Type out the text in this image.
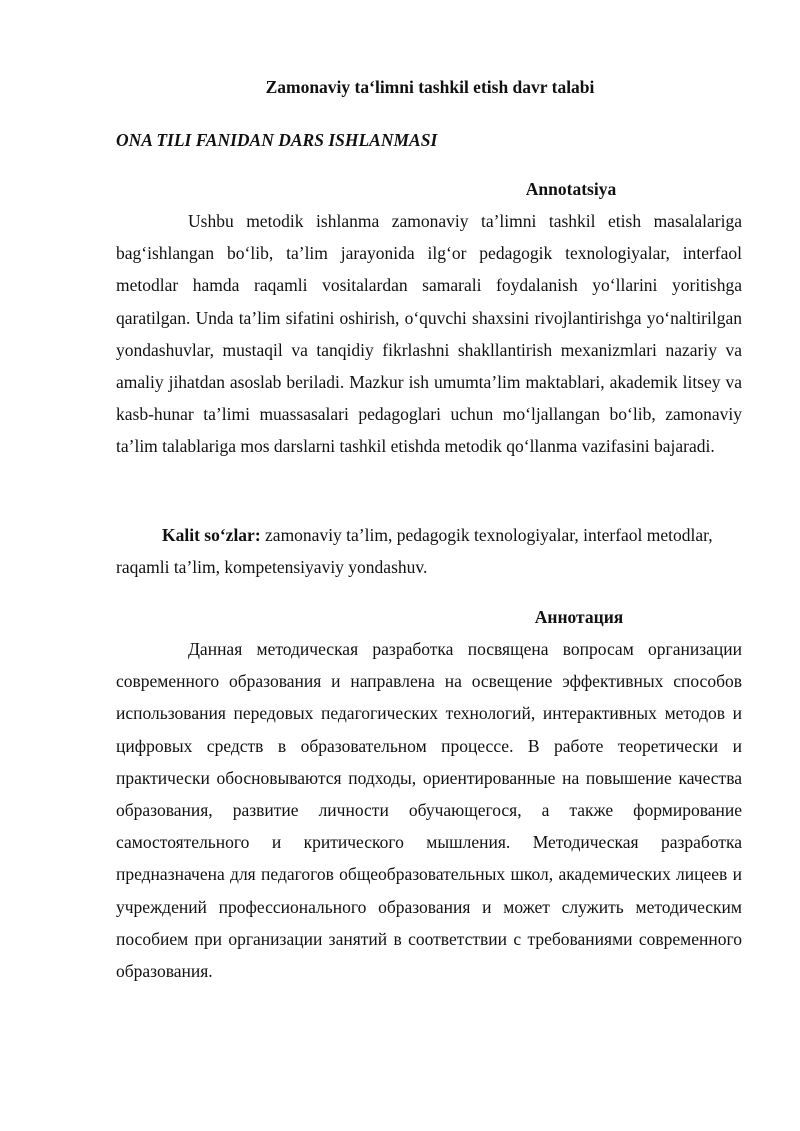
Zamonaviy ta‘limni tashkil etish davr talabi

ONA TILI FANIDAN DARS ISHLANMASI

Annotatsiya

Ushbu metodik ishlanma zamonaviy ta’limni tashkil etish masalalariga bag‘ishlangan bo‘lib, ta’lim jarayonida ilg‘or pedagogik texnologiyalar, interfaol metodlar hamda raqamli vositalardan samarali foydalanish yo‘llarini yoritishga qaratilgan. Unda ta’lim sifatini oshirish, o‘quvchi shaxsini rivojlantirishga yo‘naltirilgan yondashuvlar, mustaqil va tanqidiy fikrlashni shakllantirish mexanizmlari nazariy va amaliy jihatdan asoslab beriladi. Mazkur ish umumta’lim maktablari, akademik litsey va kasb-hunar ta’limi muassasalari pedagoglari uchun mo‘ljallangan bo‘lib, zamonaviy ta’lim talablariga mos darslarni tashkil etishda metodik qo‘llanma vazifasini bajaradi.

Kalit so‘zlar: zamonaviy ta’lim, pedagogik texnologiyalar, interfaol metodlar, raqamli ta’lim, kompetensiyaviy yondashuv.

Аннотация

Данная методическая разработка посвящена вопросам организации современного образования и направлена на освещение эффективных способов использования передовых педагогических технологий, интерактивных методов и цифровых средств в образовательном процессе. В работе теоретически и практически обосновываются подходы, ориентированные на повышение качества образования, развитие личности обучающегося, а также формирование самостоятельного и критического мышления. Методическая разработка предназначена для педагогов общеобразовательных школ, академических лицеев и учреждений профессионального образования и может служить методическим пособием при организации занятий в соответствии с требованиями современного образования.
